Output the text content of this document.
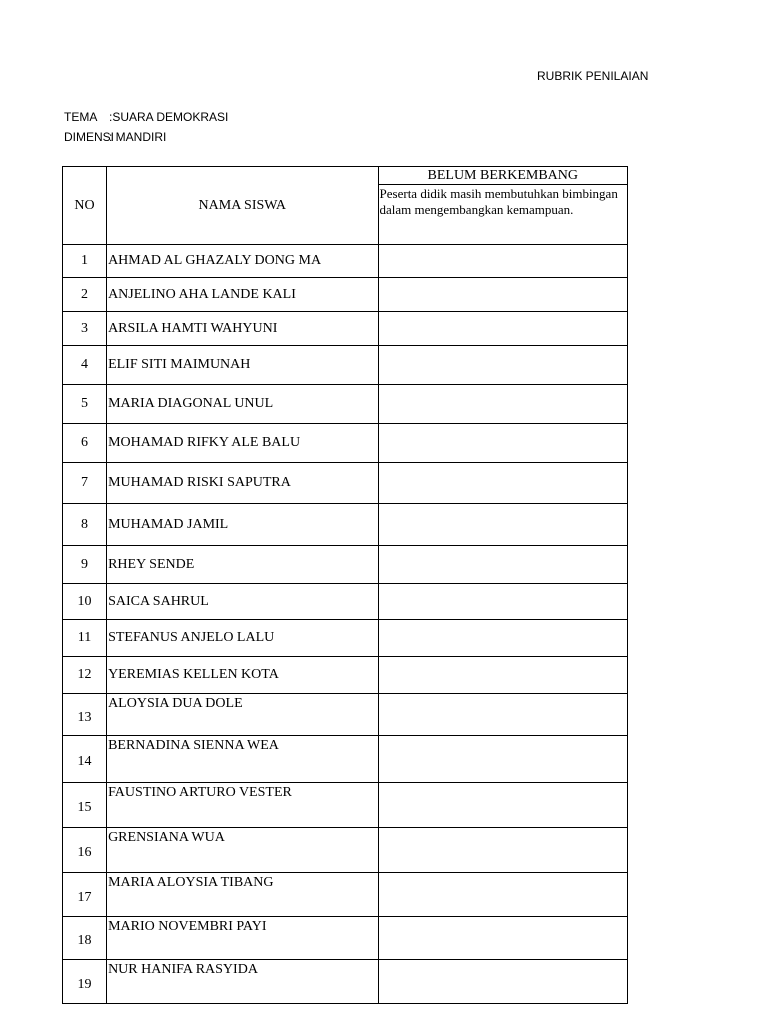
RUBRIK PENILAIAN
TEMA :SUARA DEMOKRASI
DIMENSI: MANDIRI
NO	NAMA SISWA	BELUM BERKEMBANG
		Peserta didik masih membutuhkan bimbingan dalam mengembangkan kemampuan.
1	AHMAD AL GHAZALY DONG MA	
2	ANJELINO AHA LANDE KALI	
3	ARSILA HAMTI WAHYUNI	
4	ELIF SITI MAIMUNAH	
5	MARIA DIAGONAL UNUL	
6	MOHAMAD RIFKY ALE BALU	
7	MUHAMAD RISKI SAPUTRA	
8	MUHAMAD JAMIL	
9	RHEY SENDE	
10	SAICA SAHRUL	
11	STEFANUS ANJELO LALU	
12	YEREMIAS KELLEN KOTA	
13	ALOYSIA DUA DOLE	

14	BERNADINA SIENNA WEA	

15	FAUSTINO ARTURO VESTER	

16	GRENSIANA WUA	

17	MARIA ALOYSIA TIBANG	

18	MARIO NOVEMBRI PAYI	

19	NUR HANIFA RASYIDA	
